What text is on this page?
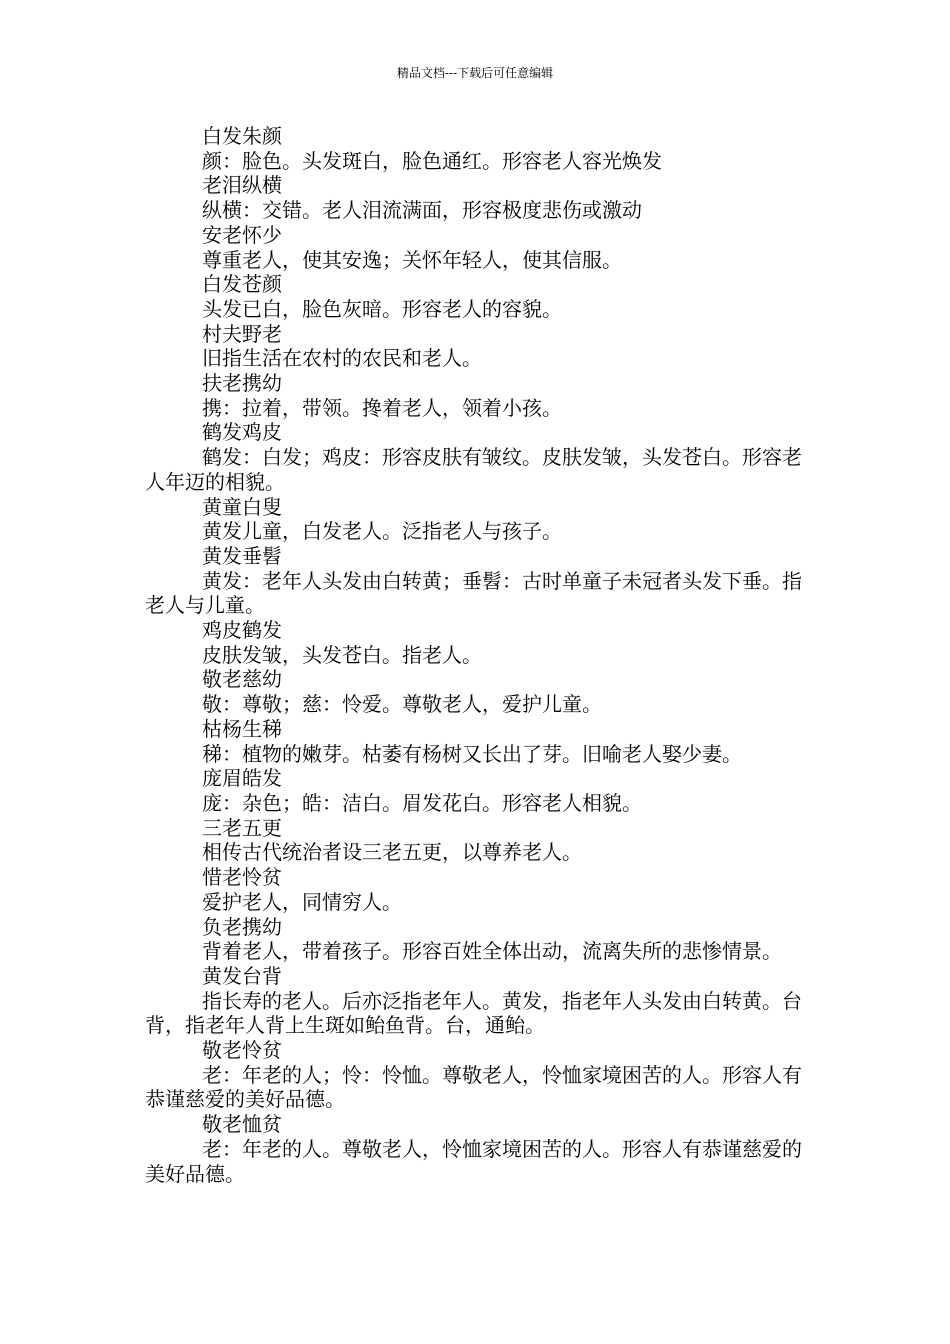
精品文档---下载后可任意编辑

白发朱颜

颜：脸色。头发斑白，脸色通红。形容老人容光焕发

老泪纵横

纵横：交错。老人泪流满面，形容极度悲伤或激动

安老怀少

尊重老人，使其安逸；关怀年轻人，使其信服。

白发苍颜

头发已白，脸色灰暗。形容老人的容貌。

村夫野老

旧指生活在农村的农民和老人。

扶老携幼

携：拉着，带领。搀着老人，领着小孩。

鹤发鸡皮

鹤发：白发；鸡皮：形容皮肤有皱纹。皮肤发皱，头发苍白。形容老人年迈的相貌。

黄童白叟

黄发儿童，白发老人。泛指老人与孩子。

黄发垂髫

黄发：老年人头发由白转黄；垂髫：古时单童子未冠者头发下垂。指老人与儿童。

鸡皮鹤发

皮肤发皱，头发苍白。指老人。

敬老慈幼

敬：尊敬；慈：怜爱。尊敬老人，爱护儿童。

枯杨生稊

稊：植物的嫩芽。枯萎有杨树又长出了芽。旧喻老人娶少妻。

庞眉皓发

庞：杂色；皓：洁白。眉发花白。形容老人相貌。

三老五更

相传古代统治者设三老五更，以尊养老人。

惜老怜贫

爱护老人，同情穷人。

负老携幼

背着老人，带着孩子。形容百姓全体出动，流离失所的悲惨情景。

黄发台背

指长寿的老人。后亦泛指老年人。黄发，指老年人头发由白转黄。台背，指老年人背上生斑如鲐鱼背。台，通鲐。

敬老怜贫

老：年老的人；怜：怜恤。尊敬老人，怜恤家境困苦的人。形容人有恭谨慈爱的美好品德。

敬老恤贫

老：年老的人。尊敬老人，怜恤家境困苦的人。形容人有恭谨慈爱的美好品德。
